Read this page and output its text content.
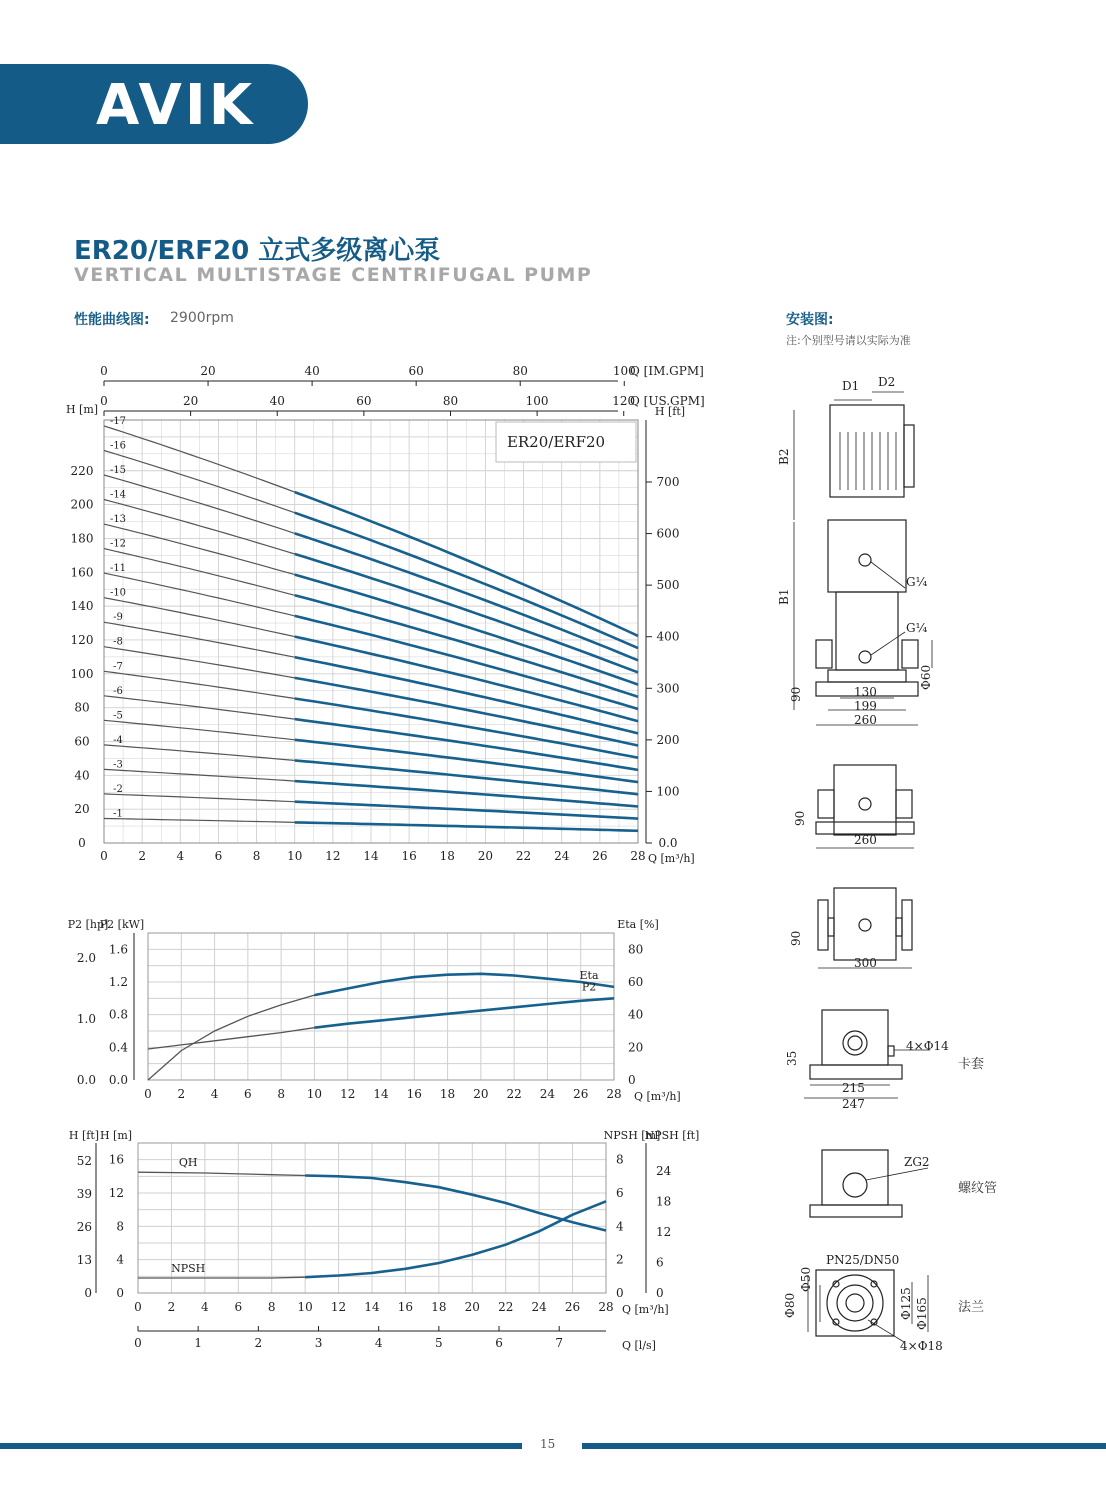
AVIK
ER20/ERF20 立式多级离心泵
VERTICAL MULTISTAGE CENTRIFUGAL PUMP
性能曲线图: 2900rpm	安装图:
注:个别型号请以实际为准
ER20/ERF20
0	20	40	60	80	100
0	20	40	60	80	100	120
Q [IM.GPM]
Q [US.GPM]
0
20
40
60
80
100
120
140
160
180
200
220
H [m]
0.0
100
200
300
400
500
600
700
H [ft]
0	2	4	6	8 10 12 14 16 18 20 22 24 26 28 Q [m³/h]
-1
-2
-3
-4
-5
-6
-7
-8
-9
-10
-11
-12
-13
-14
-15
-16
-17
0.0
0.4
0.8
1.2
1.6
0.0
1.0
2.0
0
20
40
60
80
P2 [kW]
P2 [hp]	Eta [%]
0 2 4 6 8 10 12 14 16 18 20 22 24 26 28 Q [m³/h]
Eta
P2
0
4
8
12
16
0
13
26
39
52
0
2
4
6
8
0
6
12
18
24
H [m]
H [ft]	NPSH [m]
NPSH [ft]
0 2 4 6 8 10 12 14 16 18 20 22 24 26 28 Q [m³/h]
0	1	2	3	4	5	6	7	Q [l/s]
QH
NPSH
D1 D2
B2
B1
G¼
G¼
90
Φ60
130
199
260
90
260
90
300
35
215
247
4×Φ14
ZG2
PN25/DN50
Φ50
Φ80	Φ125 Φ165
4×Φ18
卡套
螺纹管
法兰
15
